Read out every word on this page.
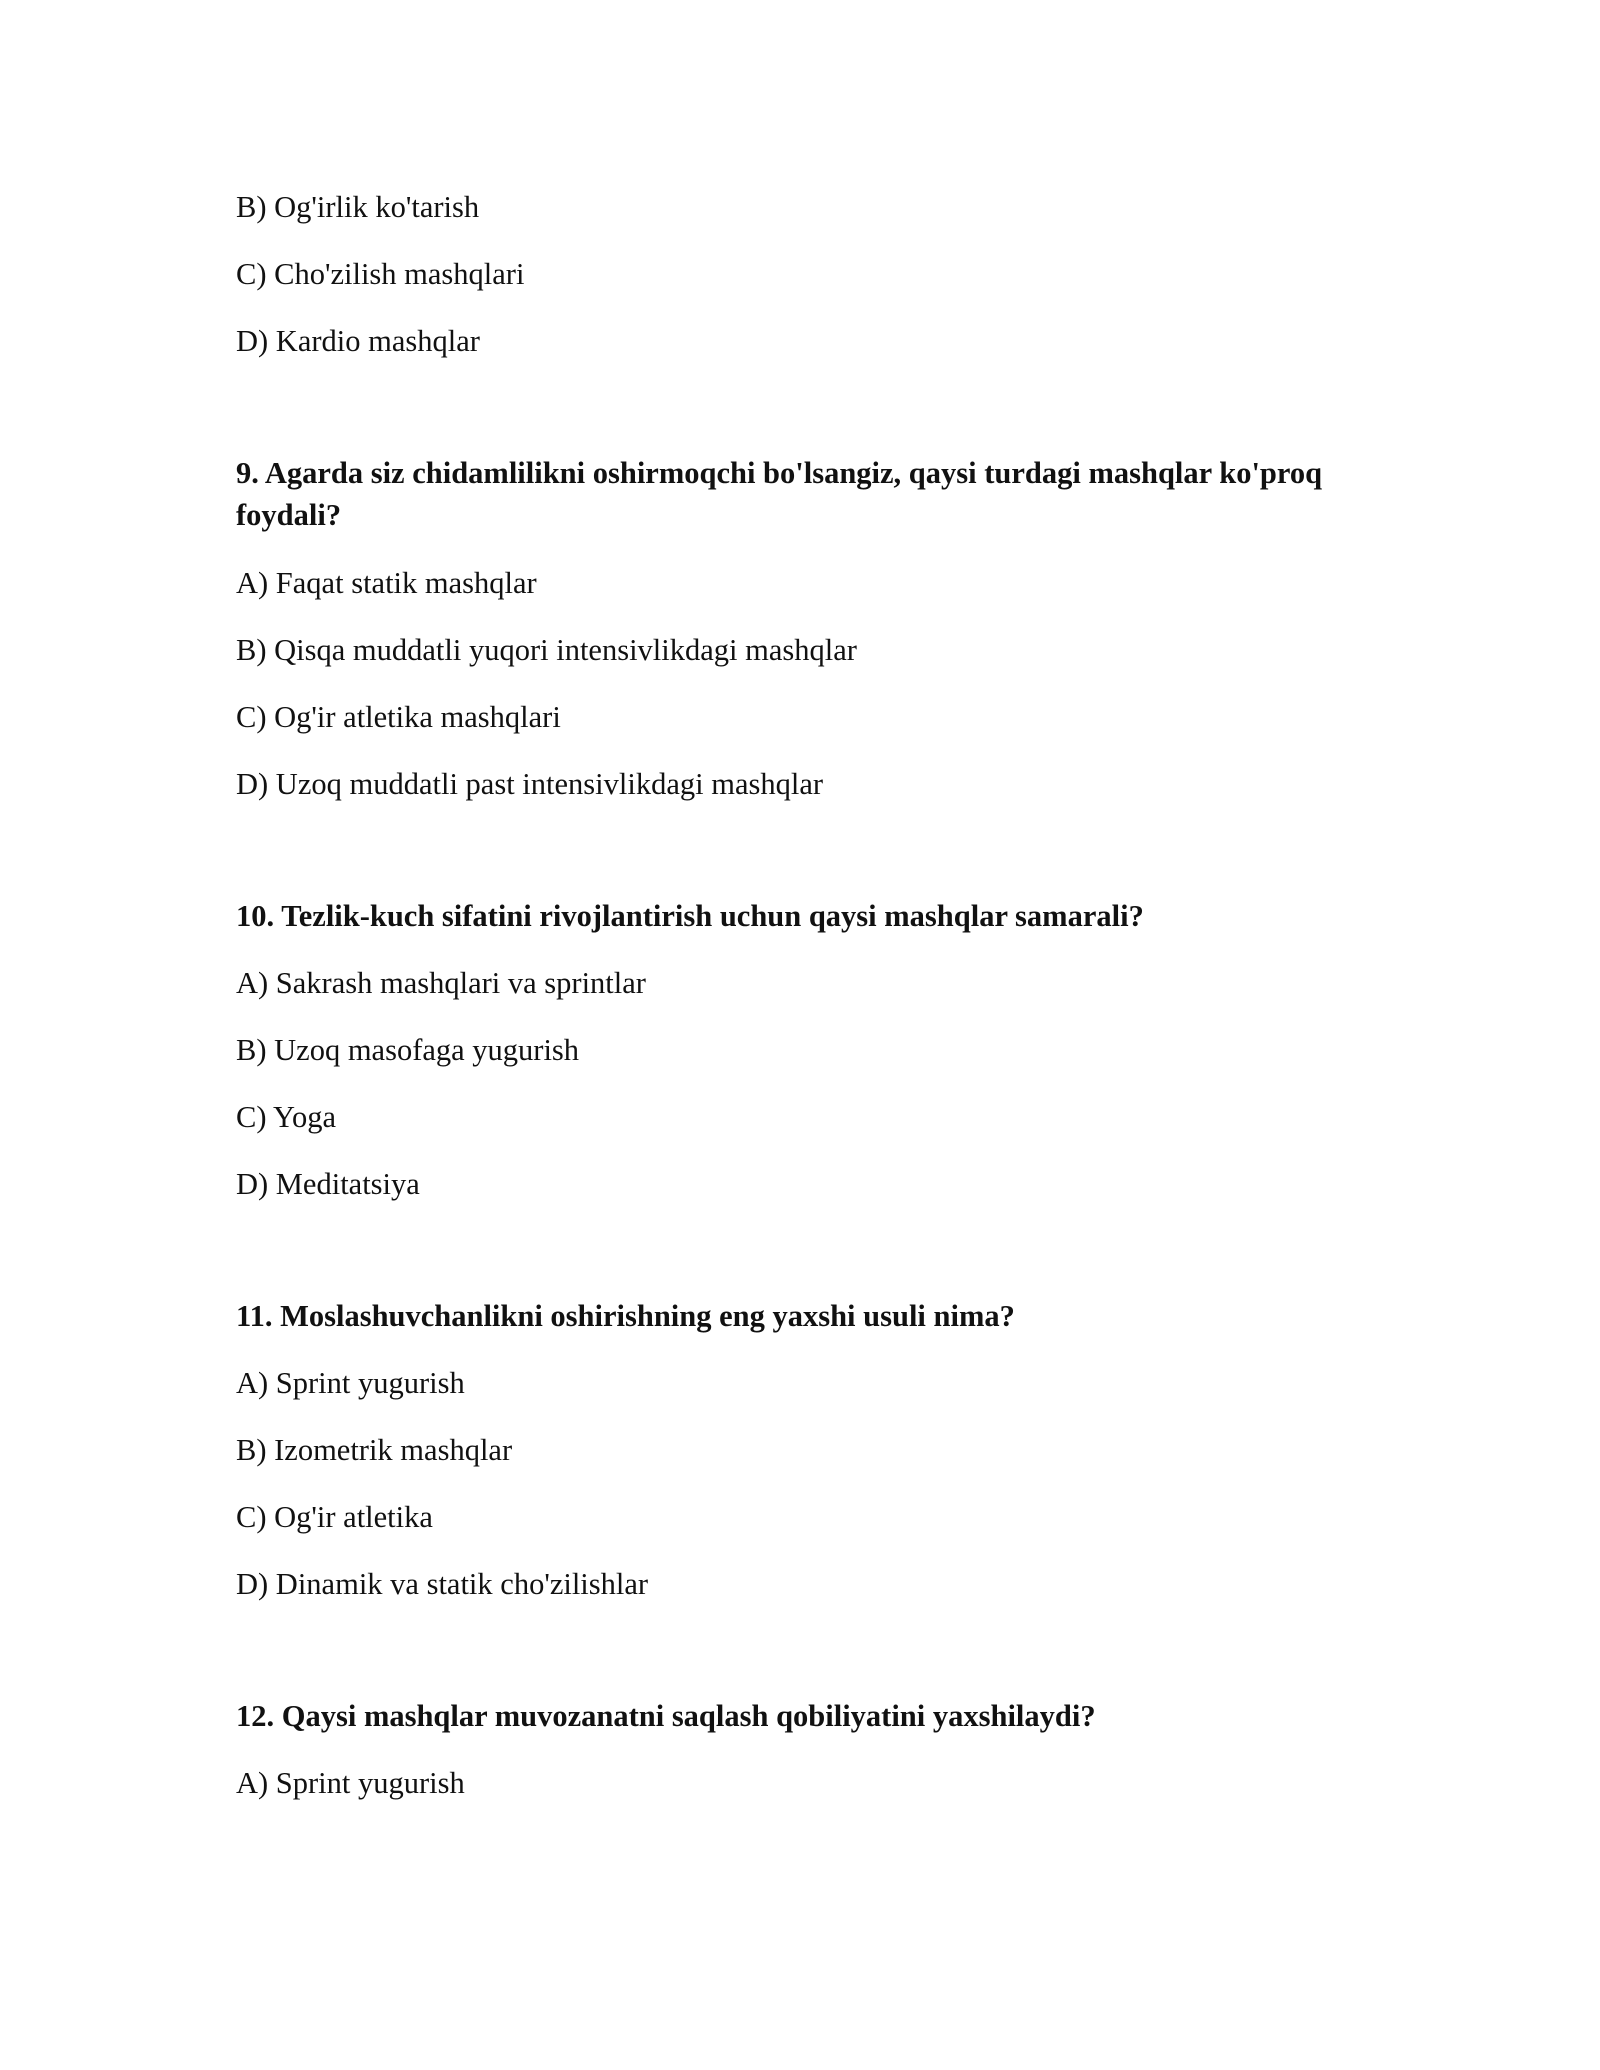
B) Og'irlik ko'tarish
C) Cho'zilish mashqlari
D) Kardio mashqlar
9. Agarda siz chidamlilikni oshirmoqchi bo'lsangiz, qaysi turdagi mashqlar ko'proq foydali?
A) Faqat statik mashqlar
B) Qisqa muddatli yuqori intensivlikdagi mashqlar
C) Og'ir atletika mashqlari
D) Uzoq muddatli past intensivlikdagi mashqlar
10. Tezlik-kuch sifatini rivojlantirish uchun qaysi mashqlar samarali?
A) Sakrash mashqlari va sprintlar
B) Uzoq masofaga yugurish
C) Yoga
D) Meditatsiya
11. Moslashuvchanlikni oshirishning eng yaxshi usuli nima?
A) Sprint yugurish
B) Izometrik mashqlar
C) Og'ir atletika
D) Dinamik va statik cho'zilishlar
12. Qaysi mashqlar muvozanatni saqlash qobiliyatini yaxshilaydi?
A) Sprint yugurish
